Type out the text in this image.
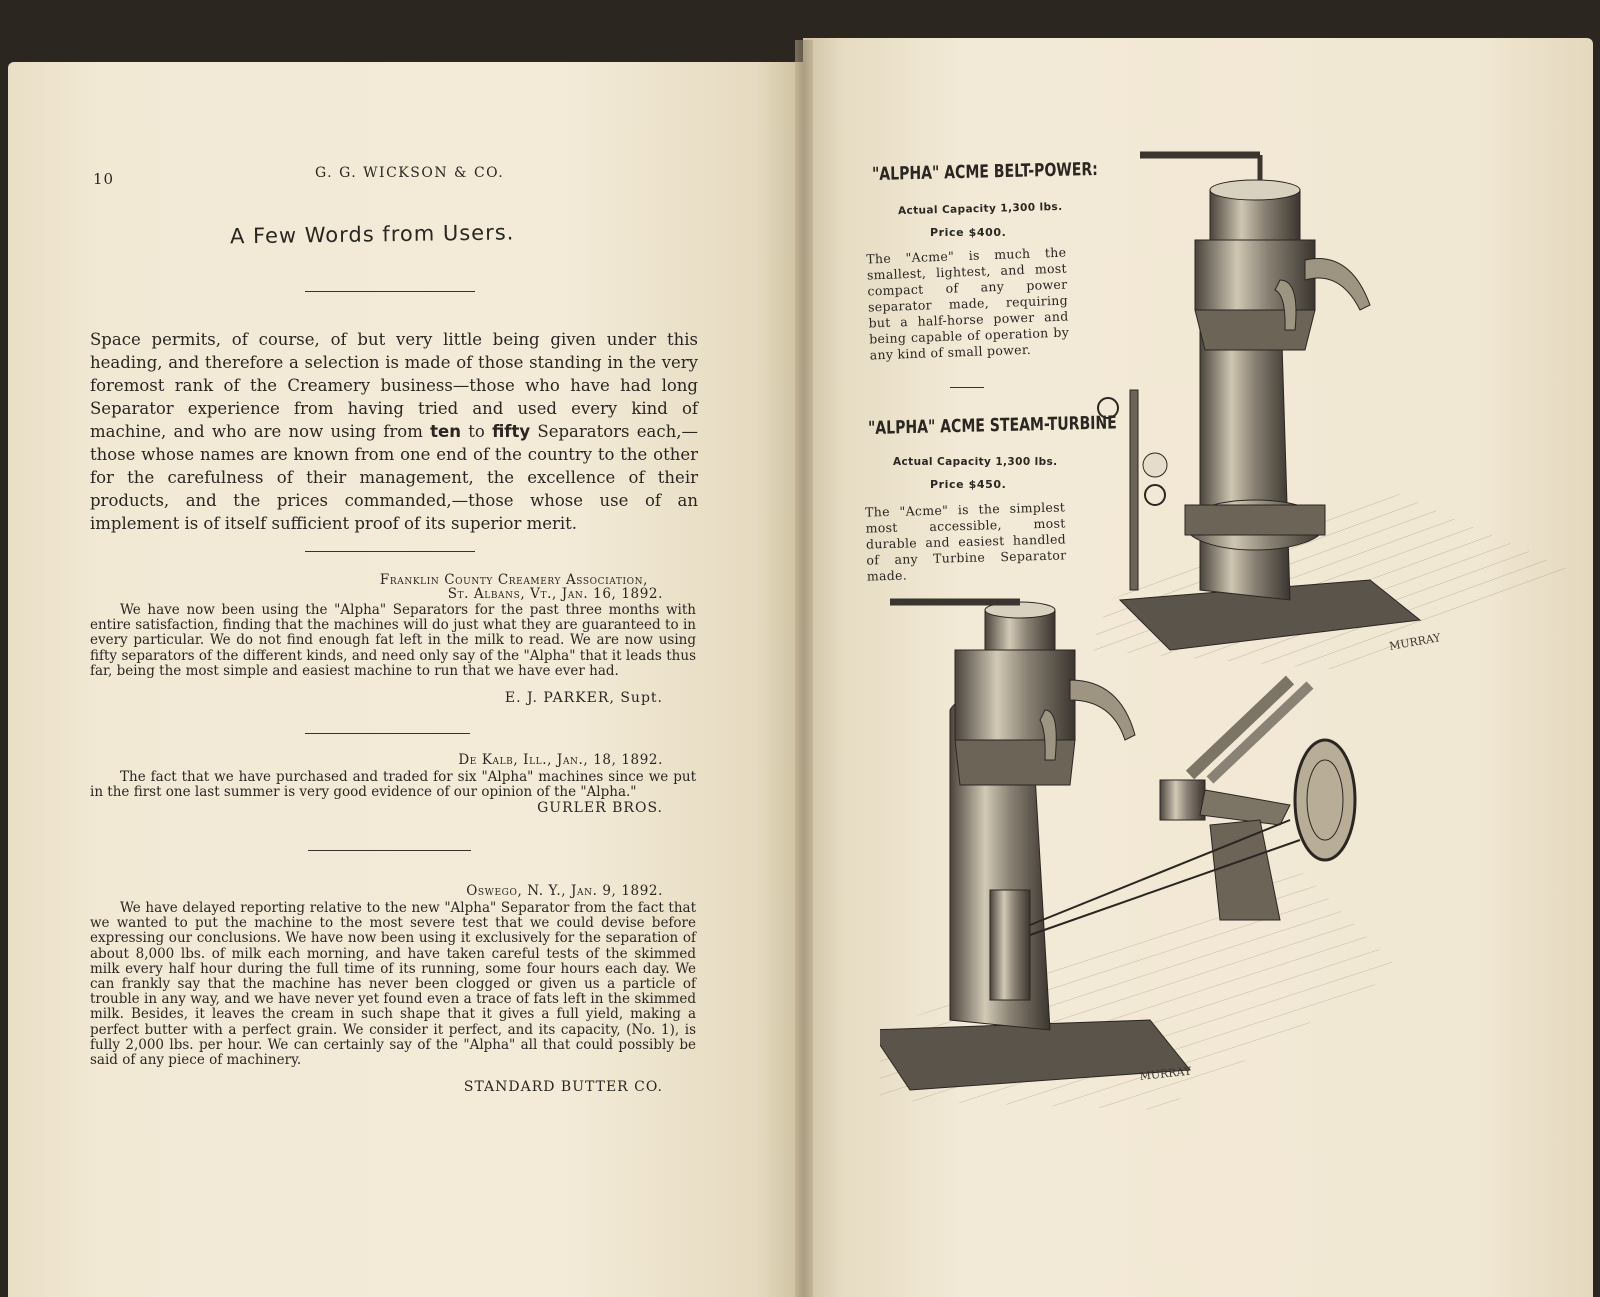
10	G. G. WICKSON & CO.
A Few Words from Users.
Space permits, of course, of but very little being given under this heading, and therefore a selection is made of those standing in the very foremost rank of the Creamery business—those who have had long Separator experience from having tried and used every kind of machine, and who are now using from ten to fifty Separators each,—those whose names are known from one end of the country to the other for the carefulness of their management, the excellence of their products, and the prices commanded,—those whose use of an implement is of itself sufficient proof of its superior merit.
Franklin County Creamery Association,
St. Albans, Vt., Jan. 16, 1892.
We have now been using the "Alpha" Separators for the past three months with entire satisfaction, finding that the machines will do just what they are guaranteed to in every particular. We do not find enough fat left in the milk to read. We are now using fifty separators of the different kinds, and need only say of the "Alpha" that it leads thus far, being the most simple and easiest machine to run that we have ever had.
E. J. PARKER, Supt.
De Kalb, Ill., Jan., 18, 1892.
The fact that we have purchased and traded for six "Alpha" machines since we put in the first one last summer is very good evidence of our opinion of the "Alpha."
GURLER BROS.
Oswego, N. Y., Jan. 9, 1892.
We have delayed reporting relative to the new "Alpha" Separator from the fact that we wanted to put the machine to the most severe test that we could devise before expressing our conclusions. We have now been using it exclusively for the separation of about 8,000 lbs. of milk each morning, and have taken careful tests of the skimmed milk every half hour during the full time of its running, some four hours each day. We can frankly say that the machine has never been clogged or given us a particle of trouble in any way, and we have never yet found even a trace of fats left in the skimmed milk. Besides, it leaves the cream in such shape that it gives a full yield, making a perfect butter with a perfect grain. We consider it perfect, and its capacity, (No. 1), is fully 2,000 lbs. per hour. We can certainly say of the "Alpha" all that could possibly be said of any piece of machinery.
STANDARD BUTTER CO.
"ALPHA" ACME BELT-POWER:
Actual Capacity 1,300 lbs.
Price $400.
The "Acme" is much the smallest, lightest, and most compact of any power separator made, requiring but a half-horse power and being capable of operation by any kind of small power.
"ALPHA" ACME STEAM-TURBINE
Actual Capacity 1,300 lbs.
Price $450.
The "Acme" is the simplest most accessible, most durable and easiest handled of any Turbine Separator made.
MURRAY
MURRAY
